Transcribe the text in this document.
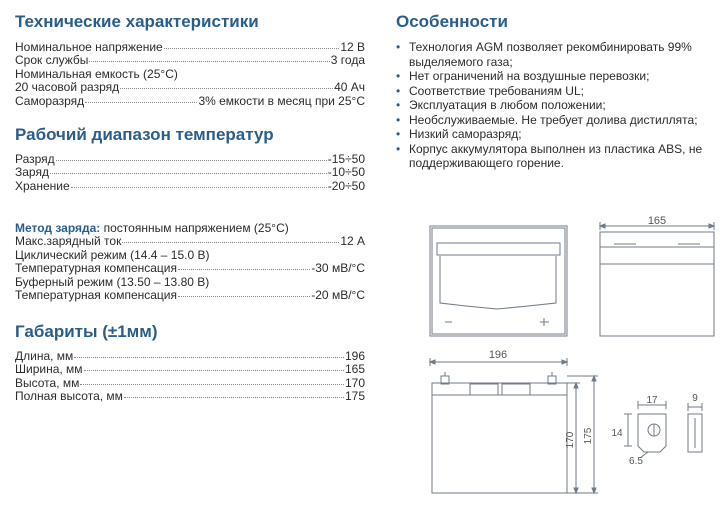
Технические характеристики
Номинальное напряжение	12 В
Срок службы	3 года
Номинальная емкость (25°C)
20 часовой разряд	40 Ач
Саморазряд	3% емкости в месяц при 25°C
Рабочий диапазон температур
Разряд	-15÷50
Заряд	-10÷50
Хранение	-20÷50
Метод заряда: постоянным напряжением (25°C)
Макс.зарядный ток	12 А
Циклический режим (14.4 – 15.0 В)
Температурная компенсация	-30 мВ/°C
Буферный режим (13.50 – 13.80 В)
Температурная компенсация	-20 мВ/°C
Габариты (±1мм)
Длина, мм	196
Ширина, мм	165
Высота, мм	170
Полная высота, мм	175
Особенности
• Технология AGM позволяет рекомбинировать 99% выделяемого газа;
• Нет ограничений на воздушные перевозки;
• Соответствие требованиям UL;
• Эксплуатация в любом положении;
• Необслуживаемые. Не требует долива дистиллята;
• Низкий саморазряд;
• Корпус аккумулятора выполнен из пластика ABS, не поддерживающего горение.
165
196
170 175
17
14
6.5
9
